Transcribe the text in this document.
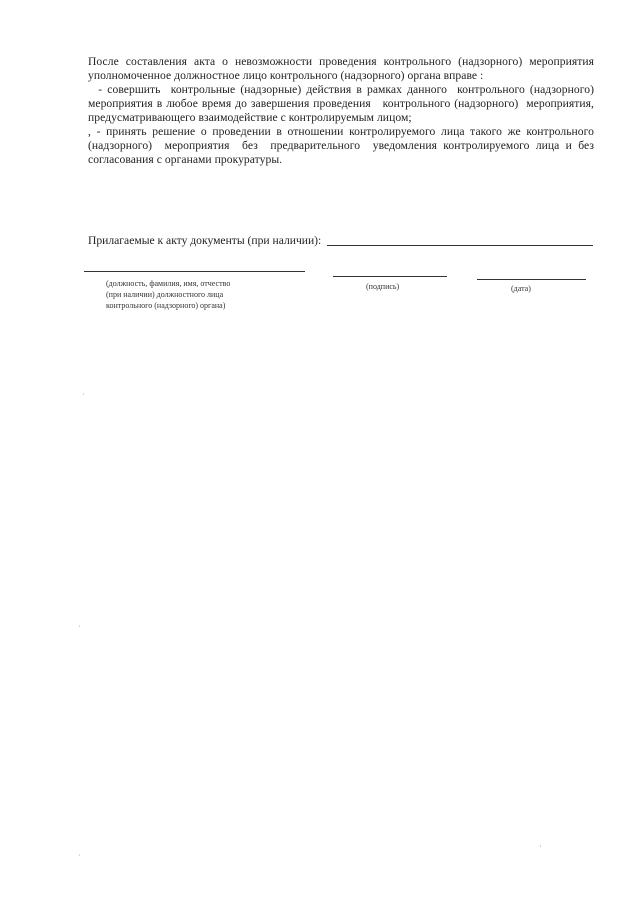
После составления акта о невозможности проведения контрольного (надзорного) мероприятия уполномоченное должностное лицо контрольного (надзорного) органа вправе :

- совершить  контрольные (надзорные) действия в рамках данного  контрольного (надзорного) мероприятия в любое время до завершения проведения   контрольного (надзорного)  мероприятия, предусматривающего взаимодействие с контролируемым лицом;

, - принять решение о проведении в отношении контролируемого лица такого же контрольного  (надзорного)  мероприятия  без  предварительного  уведомления контролируемого лица и без согласования с органами прокуратуры.

Прилагаемые к акту документы (при наличии):
(должность, фамилия, имя, отчество
(при наличии) должностного лица
контрольного (надзорного) органа)
(подпись)	(дата)
˙
˙
˙
·
